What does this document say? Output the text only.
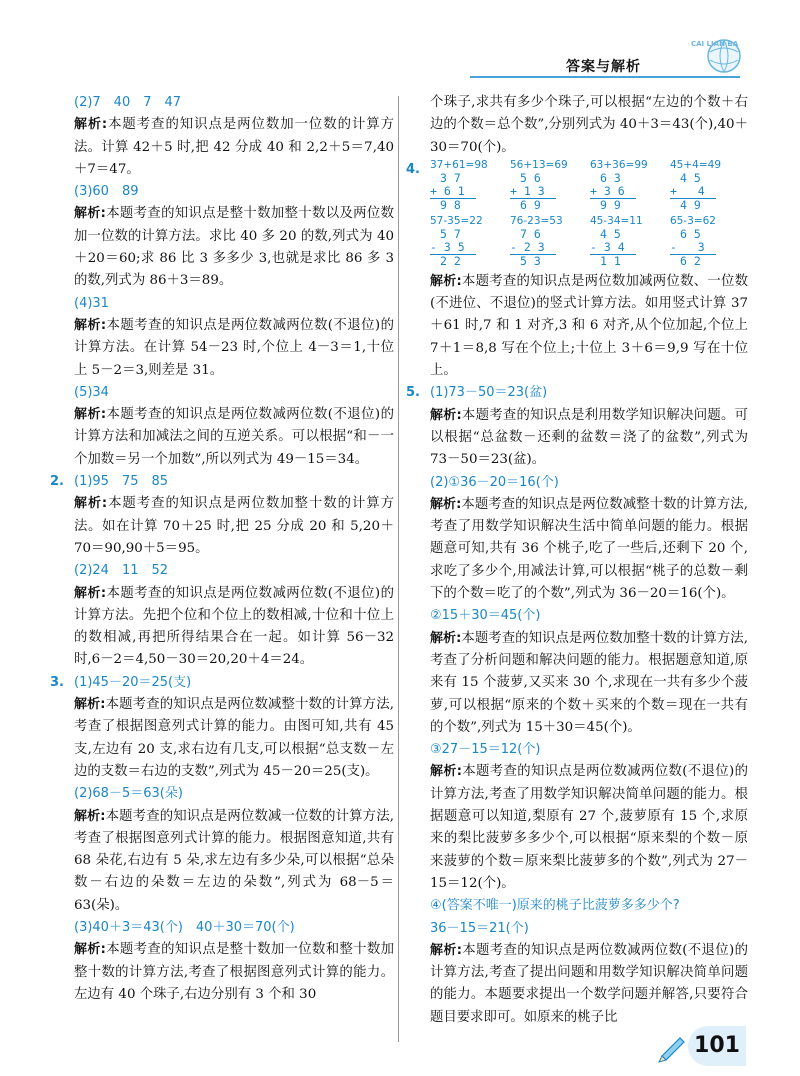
答案与解析
CAI LIAN BA
(2)7　40　7　47
解析:本题考查的知识点是两位数加一位数的计算方法。计算 42＋5 时,把 42 分成 40 和 2,2＋5＝7,40＋7＝47。
(3)60　89
解析:本题考查的知识点是整十数加整十数以及两位数加一位数的计算方法。求比 40 多 20 的数,列式为 40＋20＝60;求 86 比 3 多多少 3,也就是求比 86 多 3 的数,列式为 86＋3＝89。
(4)31
解析:本题考查的知识点是两位数减两位数(不退位)的计算方法。在计算 54－23 时,个位上 4－3＝1,十位上 5－2＝3,则差是 31。
(5)34
解析:本题考查的知识点是两位数减两位数(不退位)的计算方法和加减法之间的互逆关系。可以根据“和－一个加数＝另一个加数”,所以列式为 49－15＝34。
2. (1)95　75　85
解析:本题考查的知识点是两位数加整十数的计算方法。如在计算 70＋25 时,把 25 分成 20 和 5,20＋70＝90,90＋5＝95。
(2)24　11　52
解析:本题考查的知识点是两位数减两位数(不退位)的计算方法。先把个位和个位上的数相减,十位和十位上的数相减,再把所得结果合在一起。如计算 56－32 时,6－2＝4,50－30＝20,20＋4＝24。
3. (1)45－20＝25(支)
解析:本题考查的知识点是两位数减整十数的计算方法,考查了根据图意列式计算的能力。由图可知,共有 45 支,左边有 20 支,求右边有几支,可以根据“总支数－左边的支数＝右边的支数”,列式为 45－20＝25(支)。
(2)68－5＝63(朵)
解析:本题考查的知识点是两位数减一位数的计算方法,考查了根据图意列式计算的能力。根据图意知道,共有 68 朵花,右边有 5 朵,求左边有多少朵,可以根据“总朵数－右边的朵数＝左边的朵数”,列式为 68－5＝63(朵)。
(3)40＋3＝43(个)　40＋30＝70(个)
解析:本题考查的知识点是整十数加一位数和整十数加整十数的计算方法,考查了根据图意列式计算的能力。左边有 40 个珠子,右边分别有 3 个和 30
个珠子,求共有多少个珠子,可以根据“左边的个数＋右边的个数＝总个数”,分别列式为 40＋3＝43(个),40＋30＝70(个)。
4. 37+61=98
3 7
+ 6 1
9 8
56+13=69
5 6
+ 1 3
6 9
63+36=99
6 3
+ 3 6
9 9
45+4=49
4 5
+   4
4 9
57-35=22
5 7
- 3 5
2 2
76-23=53
7 6
- 2 3
5 3
45-34=11
4 5
- 3 4
1 1
65-3=62
6 5
-   3
6 2
解析:本题考查的知识点是两位数加减两位数、一位数(不进位、不退位)的竖式计算方法。如用竖式计算 37＋61 时,7 和 1 对齐,3 和 6 对齐,从个位加起,个位上 7＋1＝8,8 写在个位上;十位上 3＋6＝9,9 写在十位上。
5. (1)73－50＝23(盆)
解析:本题考查的知识点是利用数学知识解决问题。可以根据“总盆数－还剩的盆数＝浇了的盆数”,列式为 73－50＝23(盆)。
(2)①36－20＝16(个)
解析:本题考查的知识点是两位数减整十数的计算方法,考查了用数学知识解决生活中简单问题的能力。根据题意可知,共有 36 个桃子,吃了一些后,还剩下 20 个,求吃了多少个,用减法计算,可以根据“桃子的总数－剩下的个数＝吃了的个数”,列式为 36－20＝16(个)。
②15＋30＝45(个)
解析:本题考查的知识点是两位数加整十数的计算方法,考查了分析问题和解决问题的能力。根据题意知道,原来有 15 个菠萝,又买来 30 个,求现在一共有多少个菠萝,可以根据“原来的个数＋买来的个数＝现在一共有的个数”,列式为 15＋30＝45(个)。
③27－15＝12(个)
解析:本题考查的知识点是两位数减两位数(不退位)的计算方法,考查了用数学知识解决简单问题的能力。根据题意可以知道,梨原有 27 个,菠萝原有 15 个,求原来的梨比菠萝多多少个,可以根据“原来梨的个数－原来菠萝的个数＝原来梨比菠萝多的个数”,列式为 27－15＝12(个)。
④(答案不唯一)原来的桃子比菠萝多多少个?
36－15＝21(个)
解析:本题考查的知识点是两位数减两位数(不退位)的计算方法,考查了提出问题和用数学知识解决简单问题的能力。本题要求提出一个数学问题并解答,只要符合题目要求即可。如原来的桃子比
101
